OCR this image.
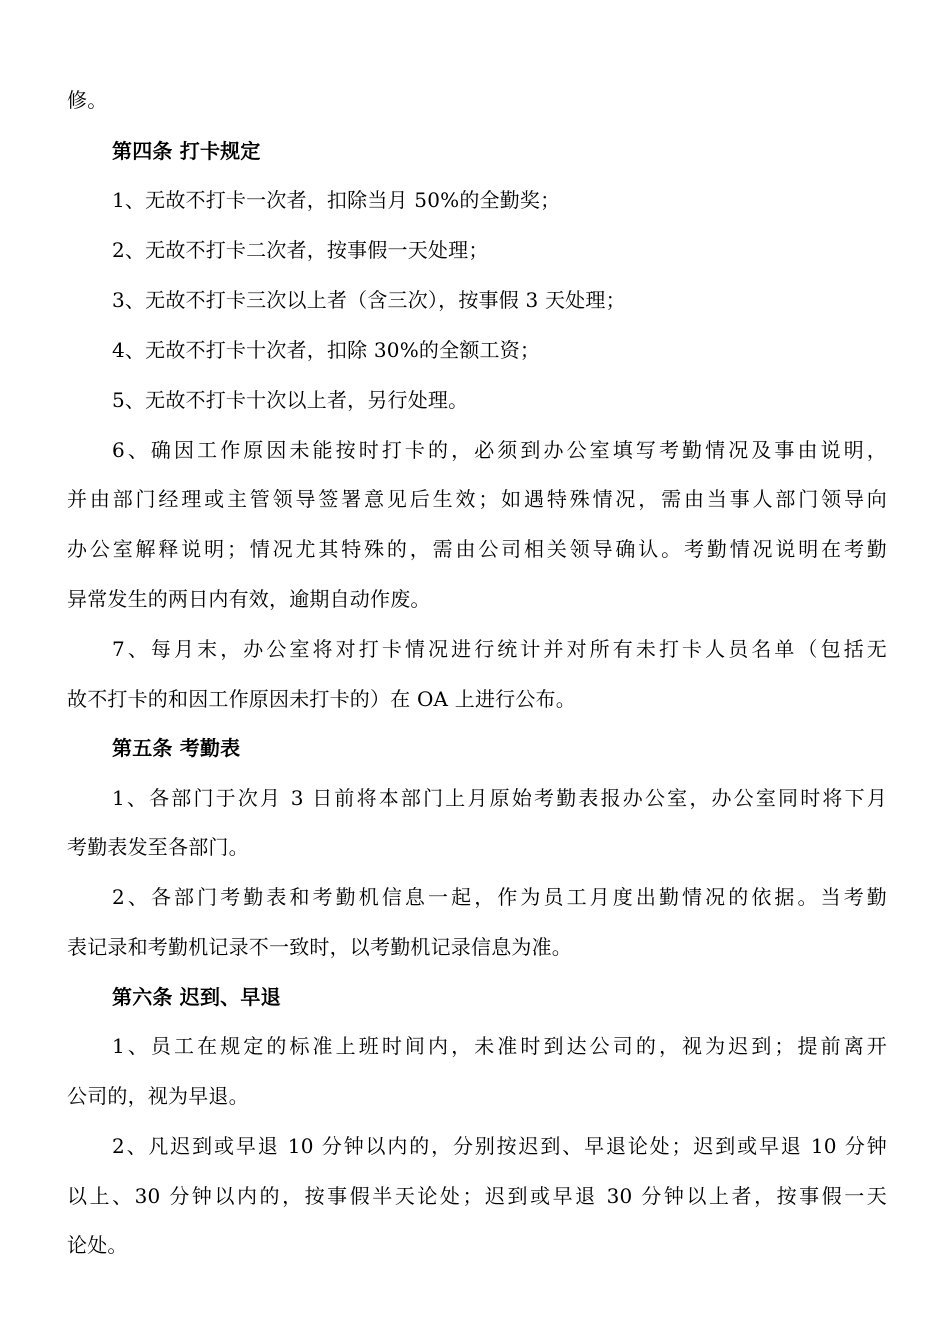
修。
第四条 打卡规定
1、无故不打卡一次者，扣除当月 50%的全勤奖；
2、无故不打卡二次者，按事假一天处理；
3、无故不打卡三次以上者（含三次），按事假 3 天处理；
4、无故不打卡十次者，扣除 30%的全额工资；
5、无故不打卡十次以上者，另行处理。
6、确因工作原因未能按时打卡的，必须到办公室填写考勤情况及事由说明，
并由部门经理或主管领导签署意见后生效；如遇特殊情况，需由当事人部门领导向
办公室解释说明；情况尤其特殊的，需由公司相关领导确认。考勤情况说明在考勤
异常发生的两日内有效，逾期自动作废。
7、每月末，办公室将对打卡情况进行统计并对所有未打卡人员名单（包括无
故不打卡的和因工作原因未打卡的）在 OA 上进行公布。
第五条 考勤表
1、各部门于次月 3 日前将本部门上月原始考勤表报办公室，办公室同时将下月
考勤表发至各部门。
2、各部门考勤表和考勤机信息一起，作为员工月度出勤情况的依据。当考勤
表记录和考勤机记录不一致时，以考勤机记录信息为准。
第六条 迟到、早退
1、员工在规定的标准上班时间内，未准时到达公司的，视为迟到；提前离开
公司的，视为早退。
2、凡迟到或早退 10 分钟以内的，分别按迟到、早退论处；迟到或早退 10 分钟
以上、30 分钟以内的，按事假半天论处；迟到或早退 30 分钟以上者，按事假一天
论处。
